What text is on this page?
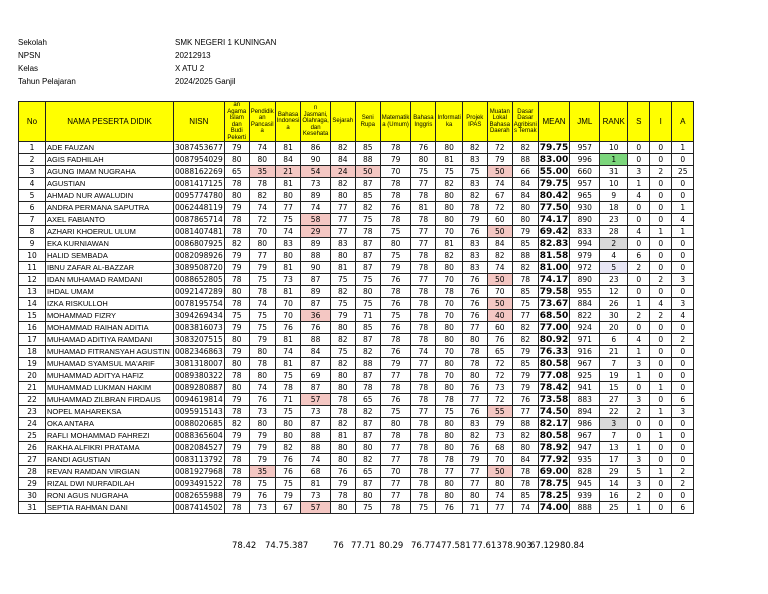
Sekolah	SMK NEGERI 1 KUNINGAN
NPSN	20212913
Kelas	X ATU 2
Tahun Pelajaran	2024/2025 Ganjil
No	NAMA PESERTA DIDIK	NISN	an Agama Islam dan Budi Pekerti	Pendidik an Pancasil a	Bahasa Indonesi a	n Jasmani, Olahraga, dan Kesehata	Sejarah	Seni Rupa	Matematik a (Umum)	Bahasa Inggris	Informati ka	Projek IPAS	Muatan Lokal Bahasa Daerah	Dasar Dasar Agribisni s Ternak	MEAN	JML	RANK	S	I	A
1	ADE FAUZAN	3087453677	79	74	81	86	82	85	78	76	80	82	72	82	79.75	957	10	0	0	1
2	AGIS FADHILAH	0087954029	80	80	84	90	84	88	79	80	81	83	79	88	83.00	996	1	0	0	0
3	AGUNG IMAM NUGRAHA	0088162269	65	35	21	54	24	50	70	75	75	75	50	66	55.00	660	31	3	2	25
4	AGUSTIAN	0081417125	78	78	81	73	82	87	78	77	82	83	74	84	79.75	957	10	1	0	0
5	AHMAD NUR AWALUDIN	0095774780	80	82	80	89	80	85	78	78	80	82	67	84	80.42	965	9	4	0	0
6	ANDRA PERMANA SAPUTRA	0062448119	79	74	77	74	77	82	76	81	80	78	72	80	77.50	930	18	0	0	1
7	AXEL FABIANTO	0087865714	78	72	75	58	77	75	78	78	80	79	60	80	74.17	890	23	0	0	4
8	AZHARI KHOERUL ULUM	0081407481	78	70	74	29	77	78	75	77	70	76	50	79	69.42	833	28	4	1	1
9	EKA KURNIAWAN	0086807925	82	80	83	89	83	87	80	77	81	83	84	85	82.83	994	2	0	0	0
10	HALID SEMBADA	0082098926	79	77	80	88	80	87	75	78	82	83	82	88	81.58	979	4	6	0	0
11	IBNU ZAFAR AL-BAZZAR	3089508720	79	79	81	90	81	87	79	78	80	83	74	82	81.00	972	5	2	0	0
12	IDAN MUHAMAD RAMDANI	0088652805	78	75	73	87	75	75	76	77	70	76	50	78	74.17	890	23	0	2	3
13	IHDAL UMAM	0092147289	80	78	81	89	82	80	78	78	78	76	70	85	79.58	955	12	0	0	0
14	IZKA RISKULLOH	0078195754	78	74	70	87	75	75	76	78	70	76	50	75	73.67	884	26	1	4	3
15	MOHAMMAD FIZRY	3094269434	75	75	70	36	79	71	75	78	70	76	40	77	68.50	822	30	2	2	4
16	MOHAMMAD RAIHAN ADITIA	0083816073	79	75	76	76	80	85	76	78	80	77	60	82	77.00	924	20	0	0	0
17	MUHAMAD ADITIYA RAMDANI	3083207515	80	79	81	88	82	87	78	78	80	80	76	82	80.92	971	6	4	0	2
18	MUHAMAD FITRANSYAH AGUSTIN	0082346863	79	80	74	84	75	82	76	74	70	78	65	79	76.33	916	21	1	0	0
19	MUHAMAD SYAMSUL MA'ARIF	3081318007	80	78	81	87	82	88	79	77	80	78	72	85	80.58	967	7	3	0	0
20	MUHAMMAD ADITYA HAFIZ	0089380322	78	80	75	69	80	87	77	78	70	80	72	79	77.08	925	19	1	0	0
21	MUHAMMAD LUKMAN HAKIM	0089280887	80	74	78	87	80	78	78	78	80	76	73	79	78.42	941	15	0	1	0
22	MUHAMMAD ZILBRAN FIRDAUS	0094619814	79	76	71	57	78	65	76	78	78	77	72	76	73.58	883	27	3	0	6
23	NOPEL MAHAREKSA	0095915143	78	73	75	73	78	82	75	77	75	76	55	77	74.50	894	22	2	1	3
24	OKA ANTARA	0088020685	82	80	80	87	82	87	80	78	80	83	79	88	82.17	986	3	0	0	0
25	RAFLI MOHAMMAD FAHREZI	0088365604	79	79	80	88	81	87	78	78	80	82	73	82	80.58	967	7	0	1	0
26	RAKHA ALFIKRI PRATAMA	0082084527	79	79	82	88	80	80	77	78	80	76	68	80	78.92	947	13	1	0	0
27	RANDI AGUSTIAN	0083113792	78	79	76	74	80	82	77	78	78	79	70	84	77.92	935	17	3	0	0
28	REVAN RAMDAN VIRGIAN	0081927968	78	35	76	68	76	65	70	78	77	77	50	78	69.00	828	29	5	1	2
29	RIZAL DWI NURFADILAH	0093491522	78	75	75	81	79	87	77	78	80	77	80	78	78.75	945	14	3	0	2
30	RONI AGUS NUGRAHA	0082655988	79	76	79	73	78	80	77	78	80	80	74	85	78.25	939	16	2	0	0
31	SEPTIA RAHMAN DANI	0087414502	78	73	67	57	80	75	78	75	76	71	77	74	74.00	888	25	1	0	6
78.42 74.75.387	76 77.71 80.29 76.774 77.581 77.613 78.903
67.129 80.84
